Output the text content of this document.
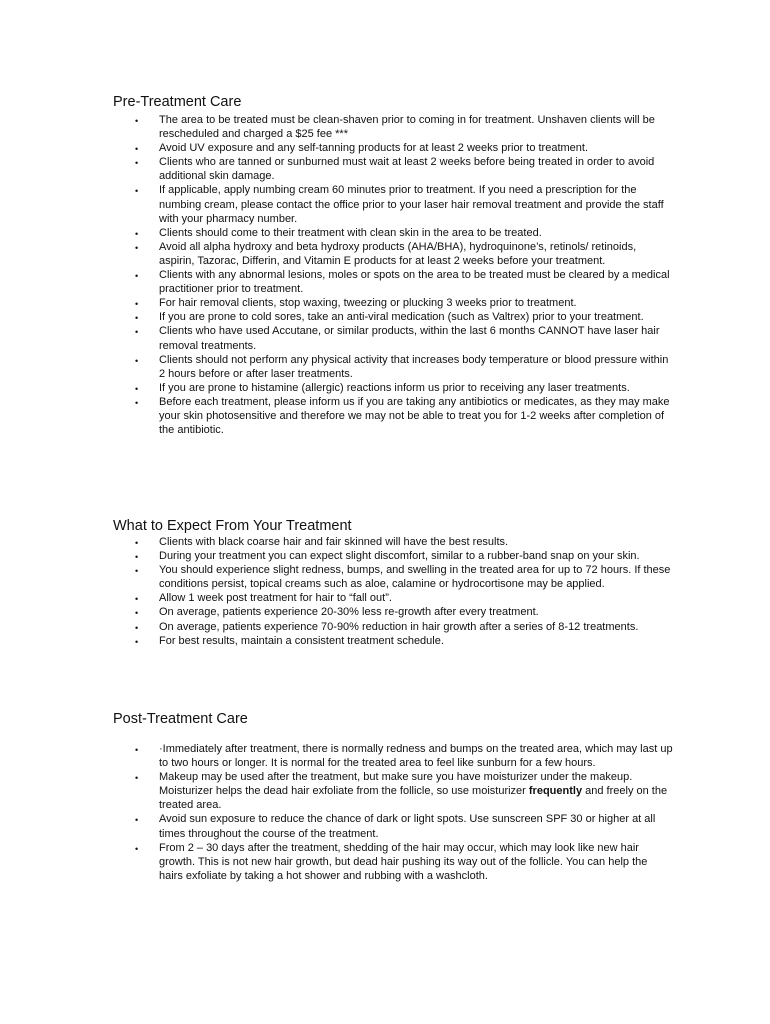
Pre-Treatment Care
• The area to be treated must be clean-shaven prior to coming in for treatment. Unshaven clients will be rescheduled and charged a $25 fee ***
• Avoid UV exposure and any self-tanning products for at least 2 weeks prior to treatment.
• Clients who are tanned or sunburned must wait at least 2 weeks before being treated in order to avoid additional skin damage.
• If applicable, apply numbing cream 60 minutes prior to treatment. If you need a prescription for the numbing cream, please contact the office prior to your laser hair removal treatment and provide the staff with your pharmacy number.
• Clients should come to their treatment with clean skin in the area to be treated.
• Avoid all alpha hydroxy and beta hydroxy products (AHA/BHA), hydroquinone’s, retinols/ retinoids, aspirin, Tazorac, Differin, and Vitamin E products for at least 2 weeks before your treatment.
• Clients with any abnormal lesions, moles or spots on the area to be treated must be cleared by a medical practitioner prior to treatment.
• For hair removal clients, stop waxing, tweezing or plucking 3 weeks prior to treatment.
• If you are prone to cold sores, take an anti-viral medication (such as Valtrex) prior to your treatment.
• Clients who have used Accutane, or similar products, within the last 6 months CANNOT have laser hair removal treatments.
• Clients should not perform any physical activity that increases body temperature or blood pressure within 2 hours before or after laser treatments.
• If you are prone to histamine (allergic) reactions inform us prior to receiving any laser treatments.
• Before each treatment, please inform us if you are taking any antibiotics or medicates, as they may make your skin photosensitive and therefore we may not be able to treat you for 1-2 weeks after completion of the antibiotic.
What to Expect From Your Treatment
• Clients with black coarse hair and fair skinned will have the best results.
• During your treatment you can expect slight discomfort, similar to a rubber-band snap on your skin.
• You should experience slight redness, bumps, and swelling in the treated area for up to 72 hours. If these conditions persist, topical creams such as aloe, calamine or hydrocortisone may be applied.
• Allow 1 week post treatment for hair to “fall out”.
• On average, patients experience 20-30% less re-growth after every treatment.
• On average, patients experience 70-90% reduction in hair growth after a series of 8-12 treatments.
• For best results, maintain a consistent treatment schedule.
Post-Treatment Care
• ·Immediately after treatment, there is normally redness and bumps on the treated area, which may last up to two hours or longer. It is normal for the treated area to feel like sunburn for a few hours.
• Makeup may be used after the treatment, but make sure you have moisturizer under the makeup.
Moisturizer helps the dead hair exfoliate from the follicle, so use moisturizer frequently and freely on the treated area.
• Avoid sun exposure to reduce the chance of dark or light spots. Use sunscreen SPF 30 or higher at all times throughout the course of the treatment.
• From 2 – 30 days after the treatment, shedding of the hair may occur, which may look like new hair growth. This is not new hair growth, but dead hair pushing its way out of the follicle. You can help the hairs exfoliate by taking a hot shower and rubbing with a washcloth.
